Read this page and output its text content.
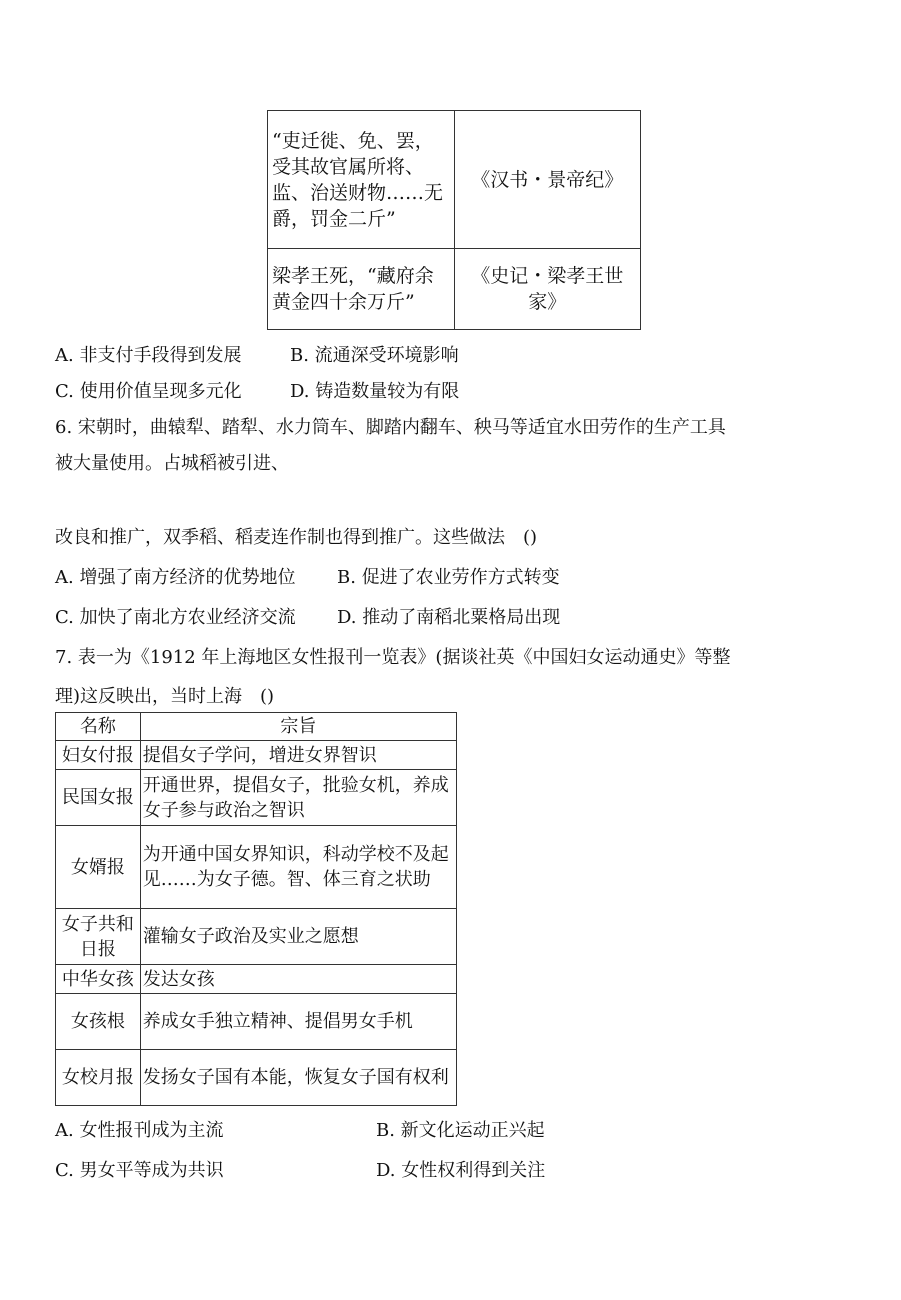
“吏迁徙、免、罢，受其故官属所将、监、治送财物……无爵，罚金二斤”	《汉书・景帝纪》
梁孝王死，“藏府余黄金四十余万斤”	《史记・梁孝王世家》
A. 非支付手段得到发展	B. 流通深受环境影响
C. 使用价值呈现多元化	D. 铸造数量较为有限
6. 宋朝时，曲辕犁、踏犁、水力筒车、脚踏内翻车、秧马等适宜水田劳作的生产工具
被大量使用。占城稻被引进、
改良和推广，双季稻、稻麦连作制也得到推广。这些做法　()
A. 增强了南方经济的优势地位 B. 促进了农业劳作方式转变
C. 加快了南北方农业经济交流 D. 推动了南稻北粟格局出现
7. 表一为《1912 年上海地区女性报刊一览表》(据谈社英《中国妇女运动通史》等整
理)这反映出，当时上海　()
名称	宗旨
妇女付报	提倡女子学问，增进女界智识
民国女报	开通世界，提倡女子，批验女机，养成女子参与政治之智识
女婿报	为开通中国女界知识，科动学校不及起见……为女子德。智、体三育之状助
女子共和日报	灌输女子政治及实业之愿想
中华女孩	发达女孩
女孩根	养成女手独立精神、提倡男女手机
女校月报	发扬女子国有本能，恢复女子国有权利
A. 女性报刊成为主流	B. 新文化运动正兴起
C. 男女平等成为共识	D. 女性权利得到关注
